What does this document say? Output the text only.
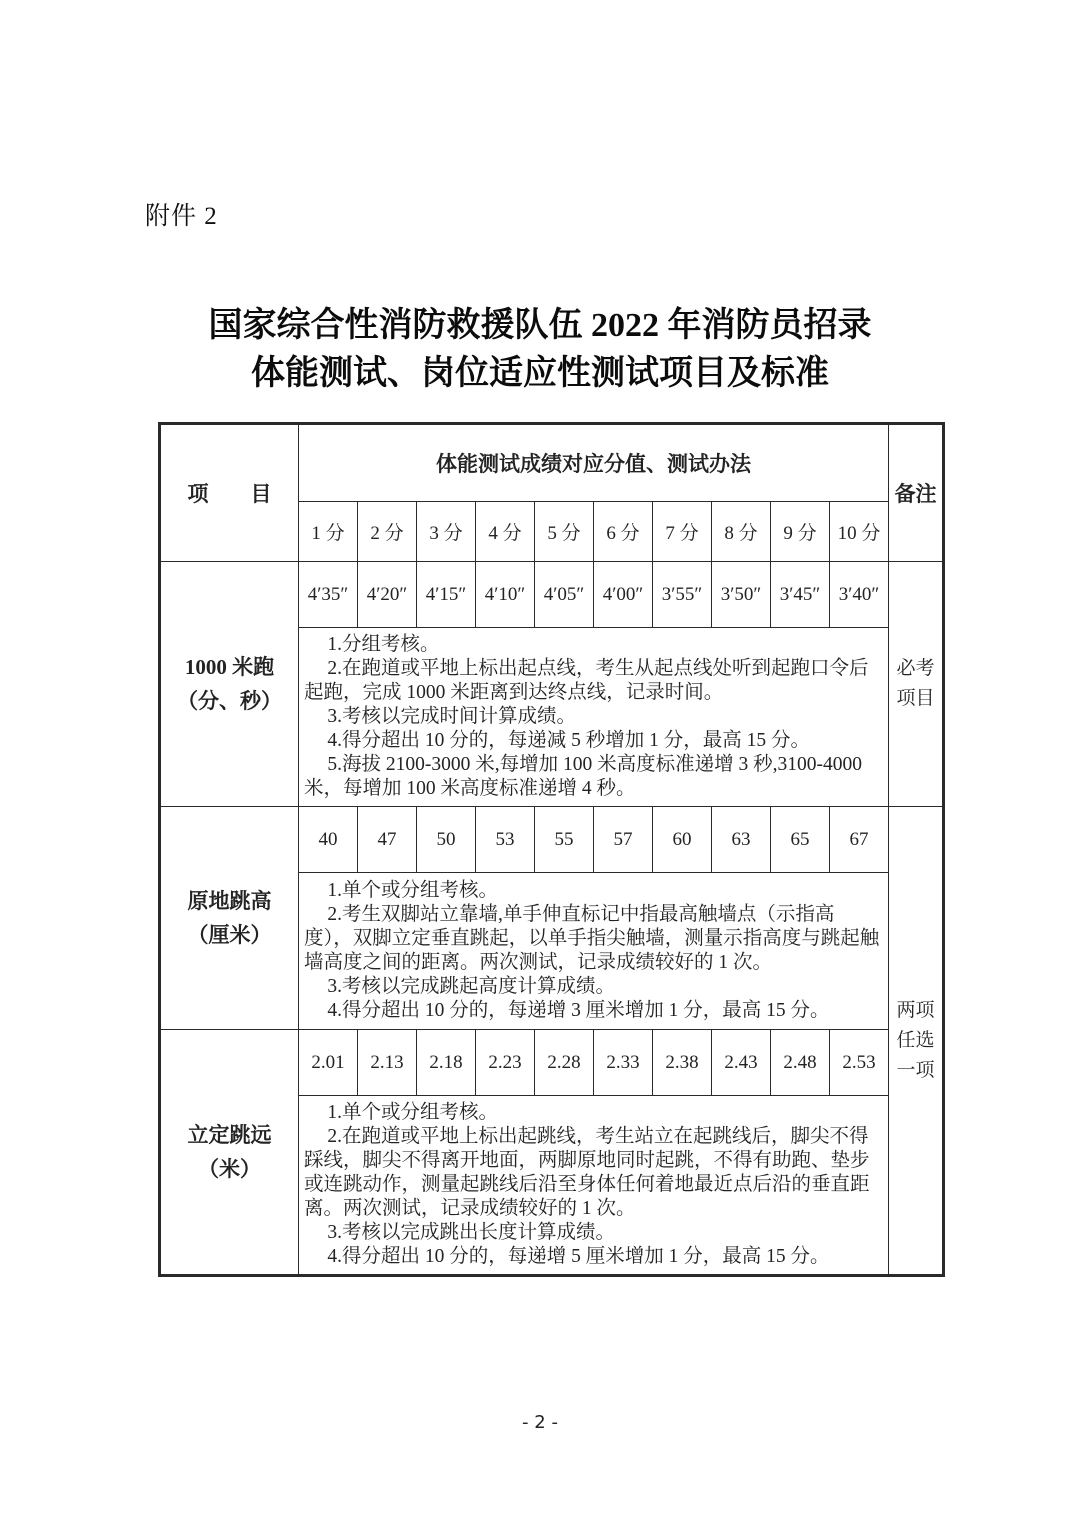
附件 2
国家综合性消防救援队伍 2022 年消防员招录
体能测试、岗位适应性测试项目及标准
项　　目	体能测试成绩对应分值、测试办法										备注
	1 分	2 分	3 分	4 分	5 分	6 分	7 分	8 分	9 分	10 分	
1000 米跑
（分、秒）	4′35″	4′20″	4′15″	4′10″	4′05″	4′00″	3′55″	3′50″	3′45″	3′40″	必考
项目

	1.分组考核。

2.在跑道或平地上标出起点线，考生从起点线处听到起跑口令后起跑，完成 1000 米距离到达终点线，记录时间。

3.考核以完成时间计算成绩。

4.得分超出 10 分的，每递减 5 秒增加 1 分，最高 15 分。

5.海拔 2100-3000 米,每增加 100 米高度标准递增 3 秒,3100-4000 米，每增加 100 米高度标准递增 4 秒。										

原地跳高
（厘米）	40	47	50	53	55	57	60	63	65	67	两项
任选
一项

	1.单个或分组考核。

2.考生双脚站立靠墙,单手伸直标记中指最高触墙点（示指高度），双脚立定垂直跳起，以单手指尖触墙，测量示指高度与跳起触墙高度之间的距离。两次测试，记录成绩较好的 1 次。

3.考核以完成跳起高度计算成绩。

4.得分超出 10 分的，每递增 3 厘米增加 1 分，最高 15 分。										

立定跳远
（米）	2.01	2.13	2.18	2.23	2.28	2.33	2.38	2.43	2.48	2.53	

	1.单个或分组考核。

2.在跑道或平地上标出起跳线，考生站立在起跳线后，脚尖不得踩线，脚尖不得离开地面，两脚原地同时起跳，不得有助跑、垫步或连跳动作，测量起跳线后沿至身体任何着地最近点后沿的垂直距离。两次测试，记录成绩较好的 1 次。

3.考核以完成跳出长度计算成绩。

4.得分超出 10 分的，每递增 5 厘米增加 1 分，最高 15 分。										

- 2 -
